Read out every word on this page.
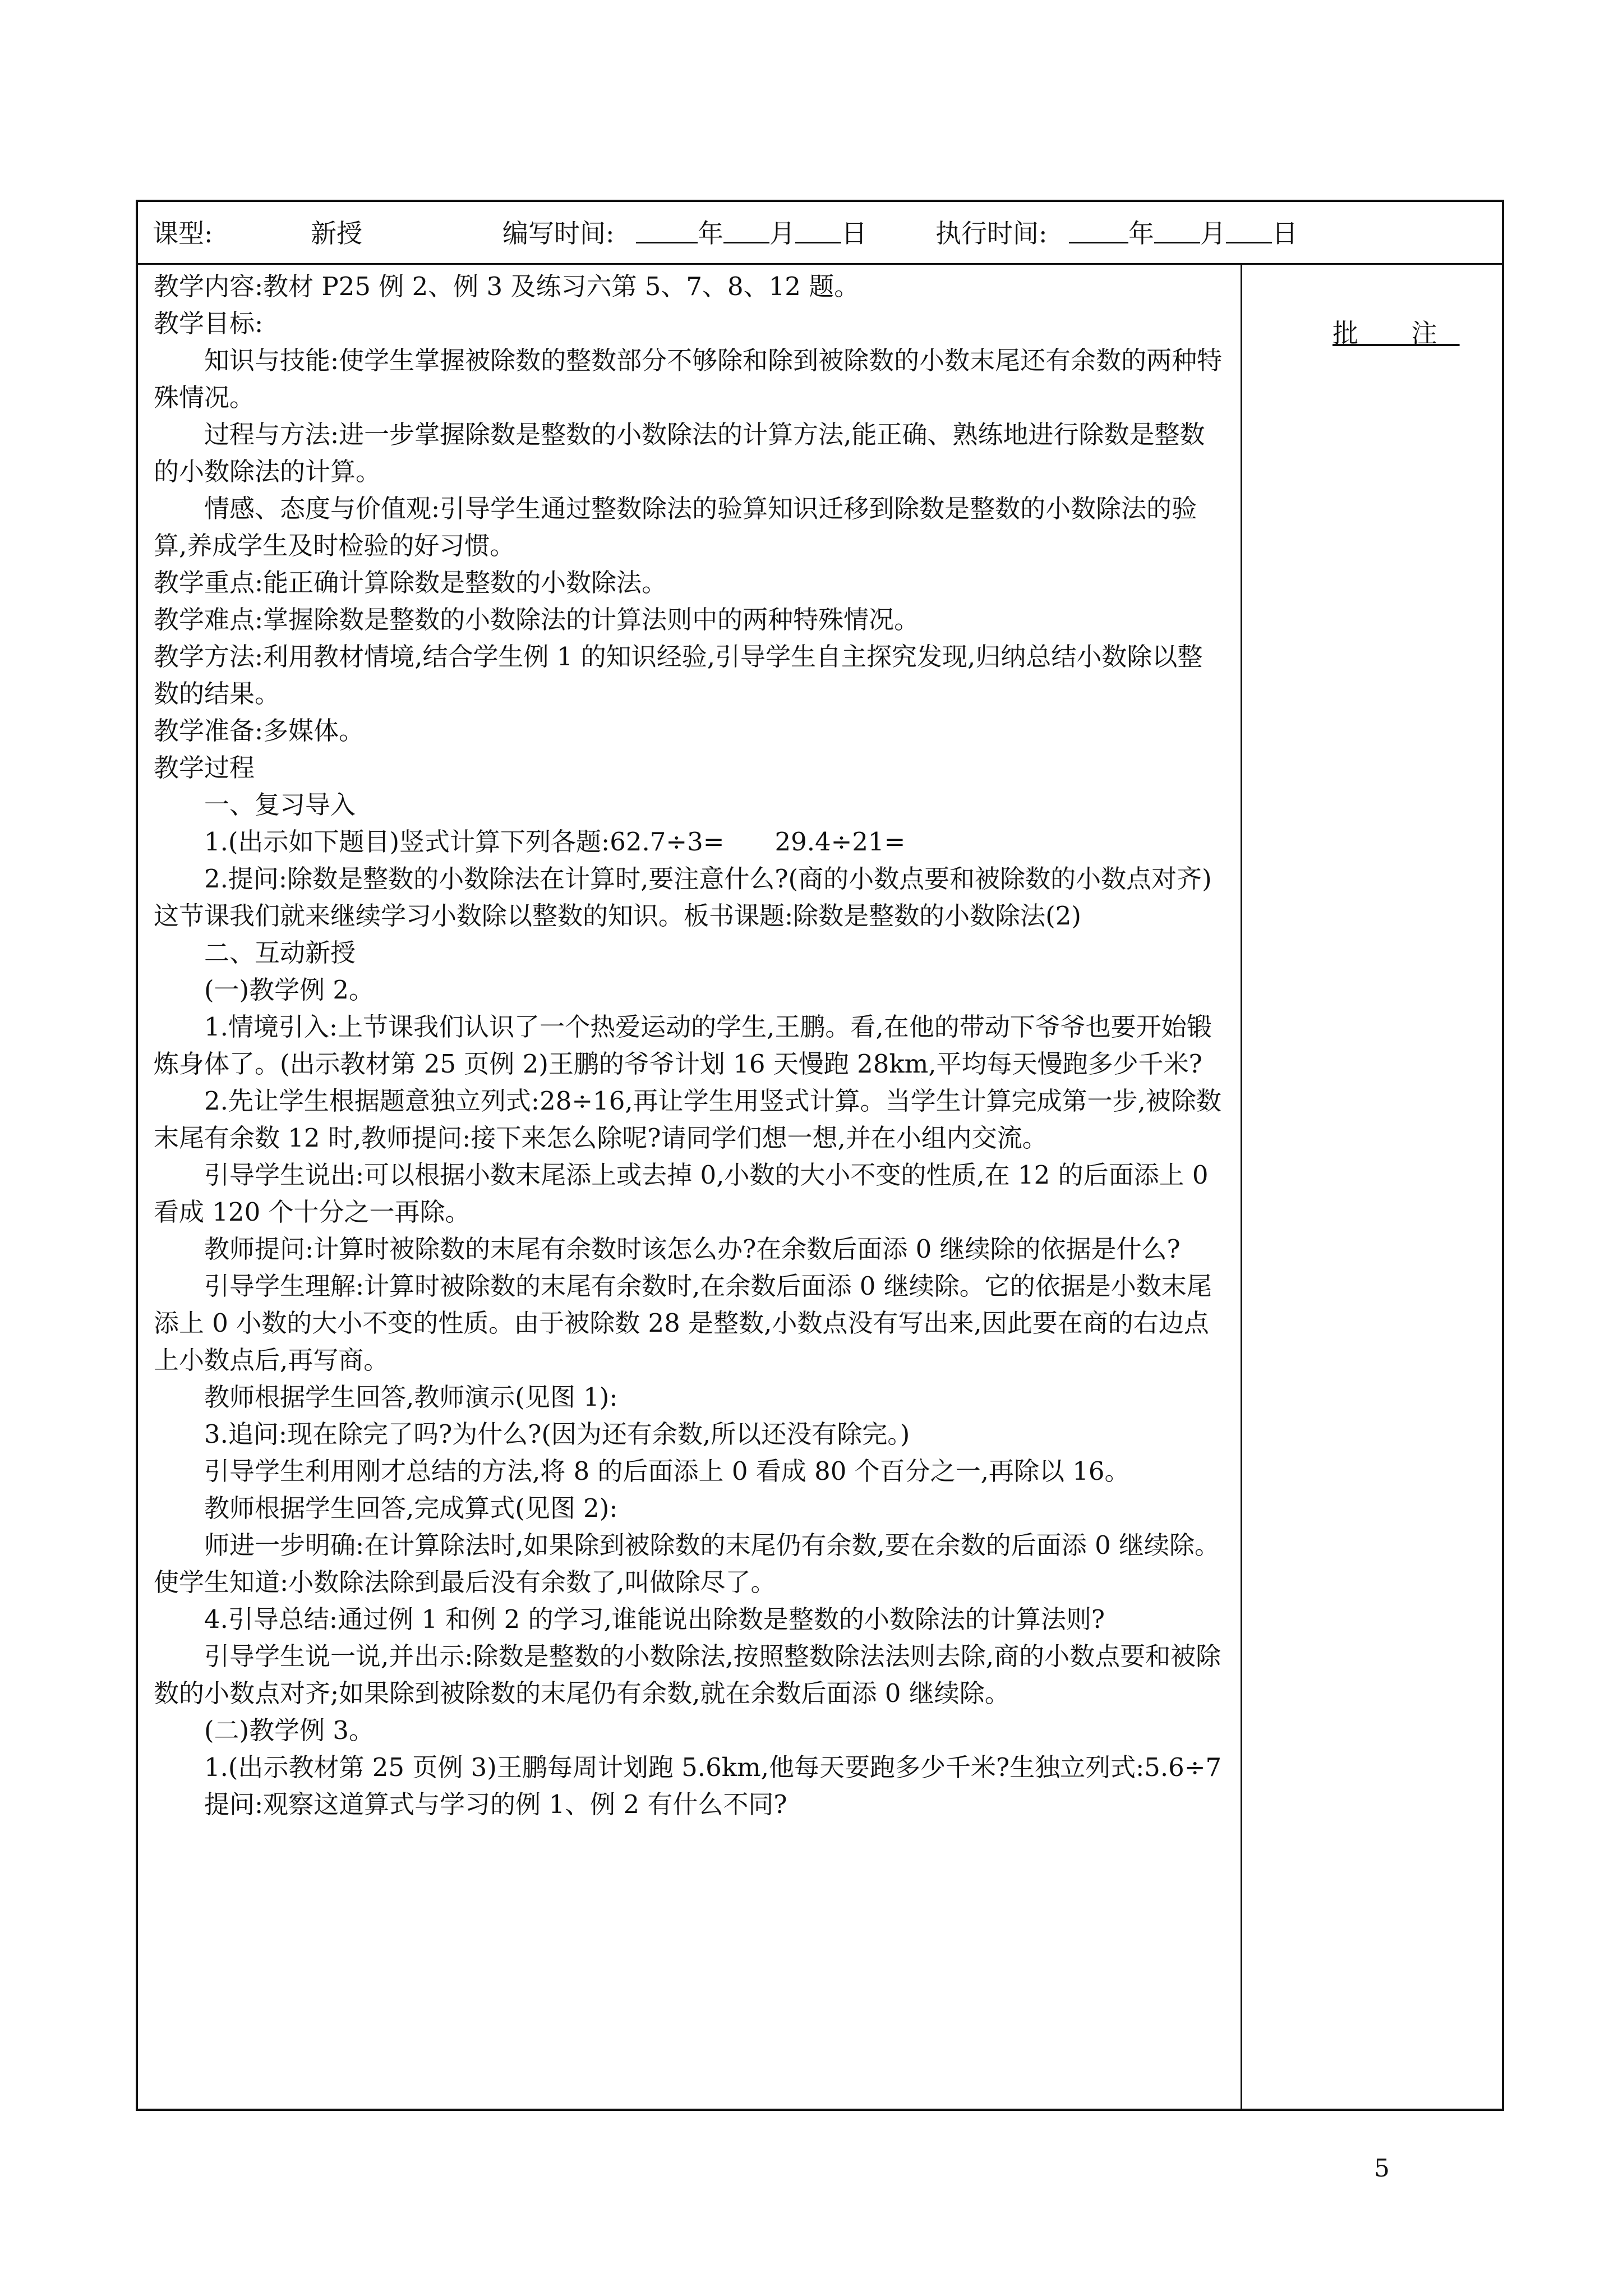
课型:	新授	编写时间:	年 月 日	执行时间:	年 月 日

教学内容:教材 P25 例 2、例 3 及练习六第 5、7、8、12 题。

教学目标:

知识与技能:使学生掌握被除数的整数部分不够除和除到被除数的小数末尾还有余数的两种特殊情况。

过程与方法:进一步掌握除数是整数的小数除法的计算方法,能正确、熟练地进行除数是整数的小数除法的计算。

情感、态度与价值观:引导学生通过整数除法的验算知识迁移到除数是整数的小数除法的验算,养成学生及时检验的好习惯。

教学重点:能正确计算除数是整数的小数除法。

教学难点:掌握除数是整数的小数除法的计算法则中的两种特殊情况。

教学方法:利用教材情境,结合学生例 1 的知识经验,引导学生自主探究发现,归纳总结小数除以整数的结果。

教学准备:多媒体。

教学过程

一、复习导入

1.(出示如下题目)竖式计算下列各题:62.7÷3=　　29.4÷21=

2.提问:除数是整数的小数除法在计算时,要注意什么?(商的小数点要和被除数的小数点对齐)这节课我们就来继续学习小数除以整数的知识。板书课题:除数是整数的小数除法(2)

二、互动新授

(一)教学例 2。

1.情境引入:上节课我们认识了一个热爱运动的学生,王鹏。看,在他的带动下爷爷也要开始锻炼身体了。(出示教材第 25 页例 2)王鹏的爷爷计划 16 天慢跑 28km,平均每天慢跑多少千米?

2.先让学生根据题意独立列式:28÷16,再让学生用竖式计算。当学生计算完成第一步,被除数末尾有余数 12 时,教师提问:接下来怎么除呢?请同学们想一想,并在小组内交流。

引导学生说出:可以根据小数末尾添上或去掉 0,小数的大小不变的性质,在 12 的后面添上 0 看成 120 个十分之一再除。

教师提问:计算时被除数的末尾有余数时该怎么办?在余数后面添 0 继续除的依据是什么?

引导学生理解:计算时被除数的末尾有余数时,在余数后面添 0 继续除。它的依据是小数末尾添上 0 小数的大小不变的性质。由于被除数 28 是整数,小数点没有写出来,因此要在商的右边点上小数点后,再写商。

教师根据学生回答,教师演示(见图 1):

3.追问:现在除完了吗?为什么?(因为还有余数,所以还没有除完。)

引导学生利用刚才总结的方法,将 8 的后面添上 0 看成 80 个百分之一,再除以 16。

教师根据学生回答,完成算式(见图 2):

师进一步明确:在计算除法时,如果除到被除数的末尾仍有余数,要在余数的后面添 0 继续除。使学生知道:小数除法除到最后没有余数了,叫做除尽了。

4.引导总结:通过例 1 和例 2 的学习,谁能说出除数是整数的小数除法的计算法则?

引导学生说一说,并出示:除数是整数的小数除法,按照整数除法法则去除,商的小数点要和被除数的小数点对齐;如果除到被除数的末尾仍有余数,就在余数后面添 0 继续除。

(二)教学例 3。

1.(出示教材第 25 页例 3)王鹏每周计划跑 5.6km,他每天要跑多少千米?生独立列式:5.6÷7

提问:观察这道算式与学习的例 1、例 2 有什么不同?

批 注
5
